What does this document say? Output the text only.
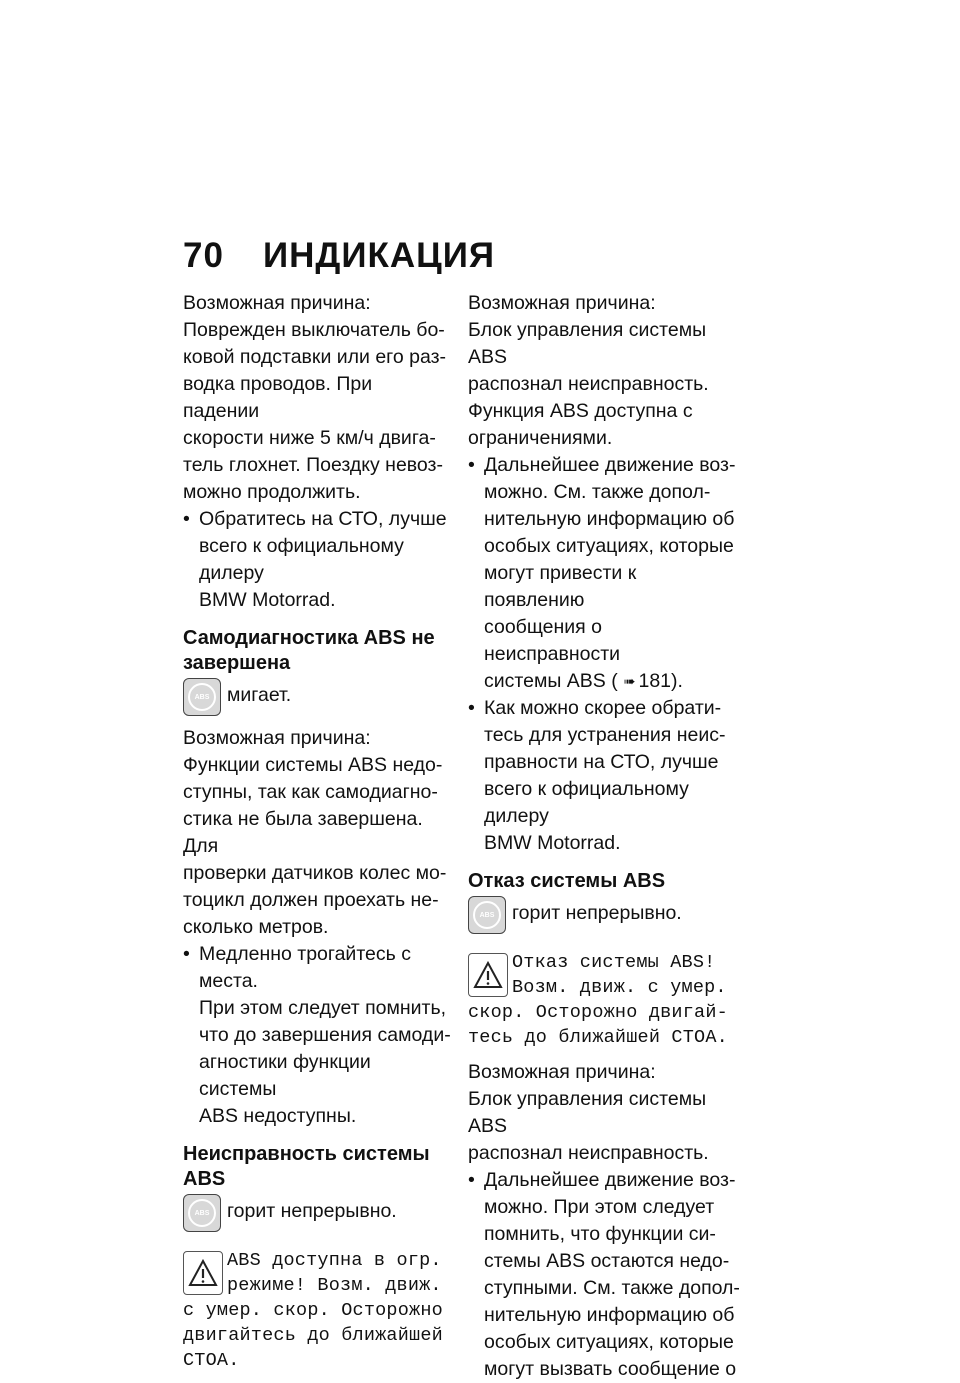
70 ИНДИКАЦИЯ

Возможная причина:

Поврежден выключатель бо-
ковой подставки или его раз-
водка проводов. При падении
скорости ниже 5 км/ч двига-
тель глохнет. Поездку невоз-
можно продолжить.
• Обратитесь на СТО, лучше
всего к официальному дилеру
BMW Motorrad.
Самодиагностика ABS не
завершена
ABS мигает.

Возможная причина:

Функции системы ABS недо-
ступны, так как самодиагно-
стика не была завершена. Для
проверки датчиков колес мо-
тоцикл должен проехать не-
сколько метров.
• Медленно трогайтесь с места.
При этом следует помнить,
что до завершения самоди-
агностики функции системы
ABS недоступны.
Неисправность системы
ABS
ABS горит непрерывно.
ABS доступна в огр.
режиме! Возм. движ.
с умер. скор. Осторожно
двигайтесь до ближайшей
СТОА.

Возможная причина:

Блок управления системы ABS
распознал неисправность.
Функция ABS доступна с
ограничениями.
• Дальнейшее движение воз-
можно. См. также допол-
нительную информацию об
особых ситуациях, которые
могут привести к появлению
сообщения о неисправности
системы ABS ( ➠ 181).
• Как можно скорее обрати-
тесь для устранения неис-
правности на СТО, лучше
всего к официальному дилеру
BMW Motorrad.
Отказ системы ABS
ABS горит непрерывно.
Отказ системы ABS!
Возм. движ. с умер.
скор. Осторожно двигай-
тесь до ближайшей СТОА.

Возможная причина:

Блок управления системы ABS
распознал неисправность.
• Дальнейшее движение воз-
можно. При этом следует
помнить, что функции си-
стемы ABS остаются недо-
ступными. См. также допол-
нительную информацию об
особых ситуациях, которые
могут вызвать сообщение о
